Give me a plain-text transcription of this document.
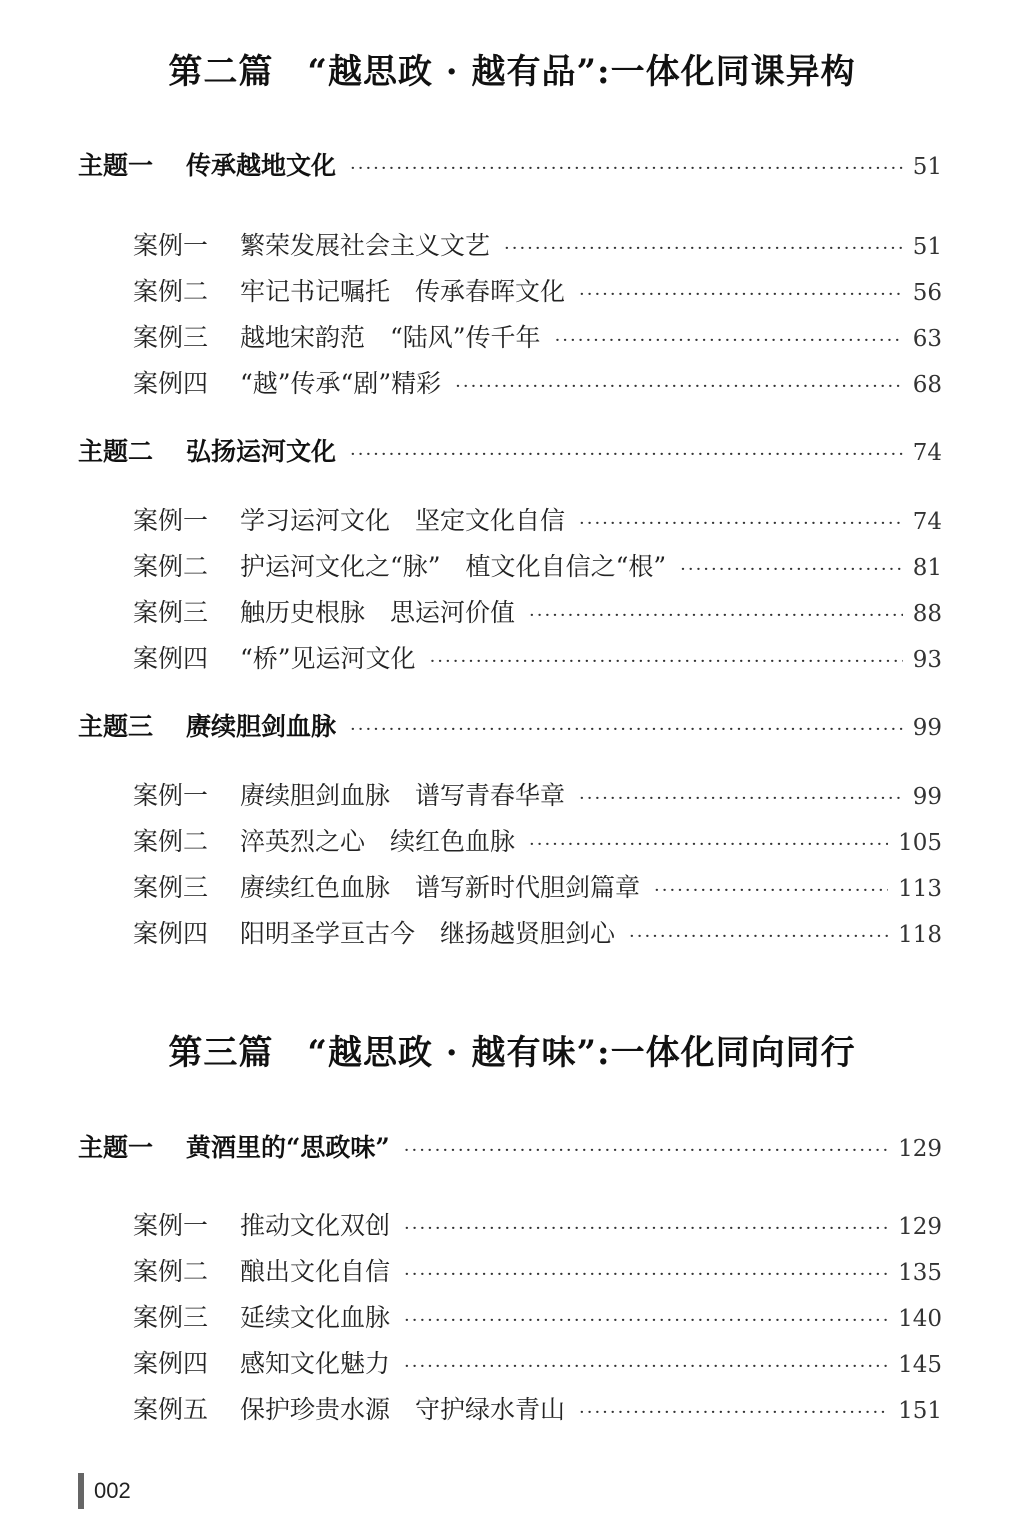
第二篇 “越思政 · 越有品”:一体化同课异构
主题一	传承越地文化 ·····	51
案例一	繁荣发展社会主义文艺 ·····	51
案例二	牢记书记嘱托　传承春晖文化 ·····	56
案例三	越地宋韵范　“陆风”传千年 ·····	63
案例四	“越”传承“剧”精彩 ·····	68
主题二	弘扬运河文化 ·····	74
案例一	学习运河文化　坚定文化自信 ·····	74
案例二	护运河文化之“脉”　植文化自信之“根” ·····	81
案例三	触历史根脉　思运河价值 ·····	88
案例四	“桥”见运河文化 ·····	93
主题三	赓续胆剑血脉 ·····	99
案例一	赓续胆剑血脉　谱写青春华章 ·····	99
案例二	淬英烈之心　续红色血脉 ·····	105
案例三	赓续红色血脉　谱写新时代胆剑篇章 ·····	113
案例四	阳明圣学亘古今　继扬越贤胆剑心 ·····	118
第三篇 “越思政 · 越有味”:一体化同向同行
主题一	黄酒里的“思政味” ·····	129
案例一	推动文化双创 ·····	129
案例二	酿出文化自信 ·····	135
案例三	延续文化血脉 ·····	140
案例四	感知文化魅力 ·····	145
案例五	保护珍贵水源　守护绿水青山 ·····	151
002
